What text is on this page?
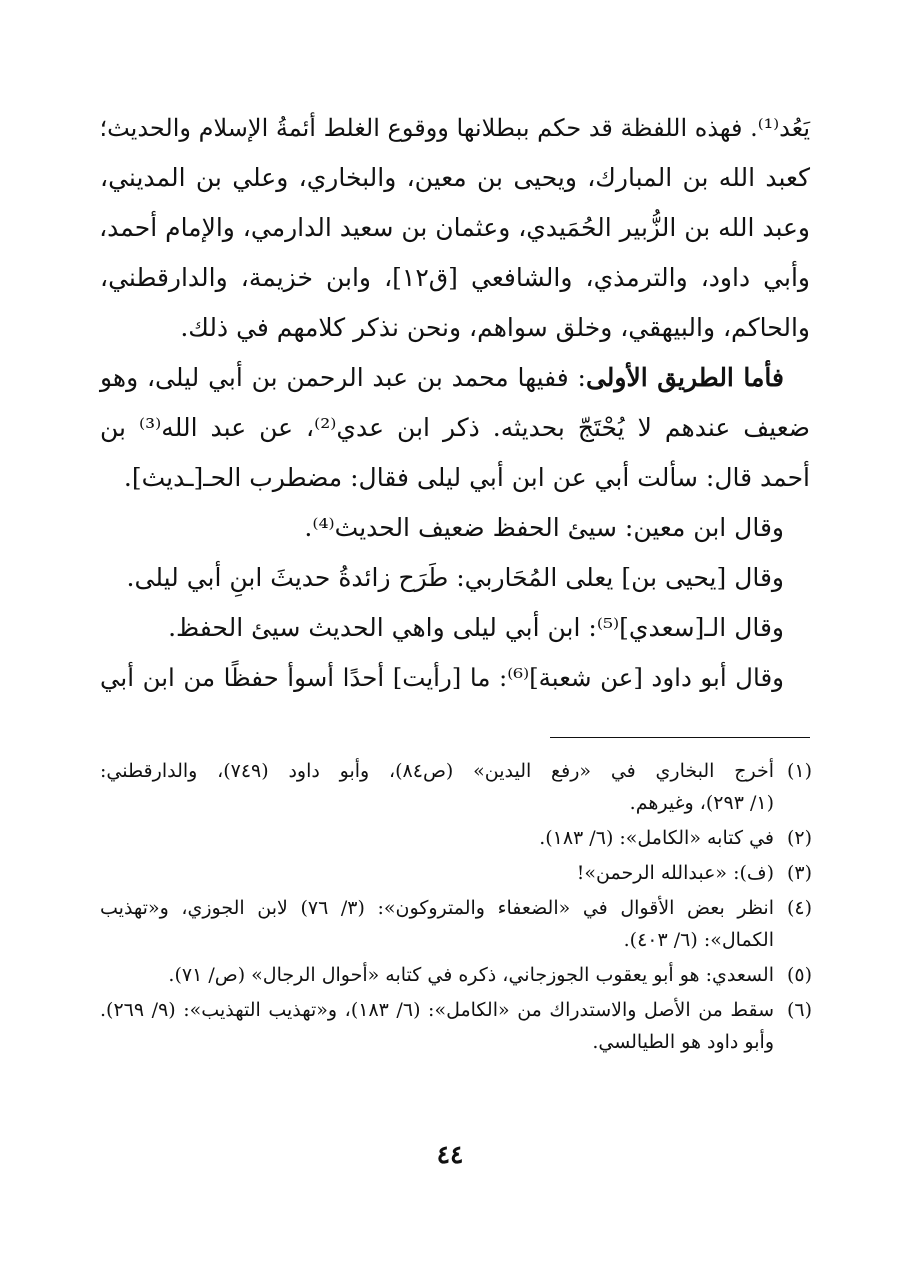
يَعُد⁽¹⁾. فهذه اللفظة قد حكم ببطلانها ووقوع الغلط أئمةُ الإسلام والحديث؛
كعبد الله بن المبارك، ويحيى بن معين، والبخاري، وعلي بن المديني،
وعبد الله بن الزُّبير الحُمَيدي، وعثمان بن سعيد الدارمي، والإمام أحمد،
وأبي داود، والترمذي، والشافعي [ق١٢]، وابن خزيمة، والدارقطني،
والحاكم، والبيهقي، وخلق سواهم، ونحن نذكر كلامهم في ذلك.
فأما الطريق الأولى: ففيها محمد بن عبد الرحمن بن أبي ليلى، وهو
ضعيف عندهم لا يُحْتَجّ بحديثه. ذكر ابن عدي⁽²⁾، عن عبد الله⁽³⁾ بن
أحمد قال: سألت أبي عن ابن أبي ليلى فقال: مضطرب الحـ[ـديث].
وقال ابن معين: سيئ الحفظ ضعيف الحديث⁽⁴⁾.
وقال [يحيى بن] يعلى المُحَاربي: طَرَح زائدةُ حديثَ ابنِ أبي ليلى.
وقال الـ[سعدي]⁽⁵⁾: ابن أبي ليلى واهي الحديث سيئ الحفظ.
وقال أبو داود [عن شعبة]⁽⁶⁾: ما [رأيت] أحدًا أسوأ حفظًا من ابن أبي
(١)
أخرج البخاري في «رفع اليدين» (ص٨٤)، وأبو داود (٧٤٩)، والدارقطني:
(١/ ٢٩٣)، وغيرهم.
(٢)
في كتابه «الكامل»: (٦/ ١٨٣).
(٣)
(ف): «عبدالله الرحمن»!
(٤)
انظر بعض الأقوال في «الضعفاء والمتروكون»: (٣/ ٧٦) لابن الجوزي، و«تهذيب
الكمال»: (٦/ ٤٠٣).
(٥)
السعدي: هو أبو يعقوب الجوزجاني، ذكره في كتابه «أحوال الرجال» (ص/ ٧١).
(٦)
سقط من الأصل والاستدراك من «الكامل»: (٦/ ١٨٣)، و«تهذيب التهذيب»: (٩/ ٢٦٩).
وأبو داود هو الطيالسي.
٤٤
